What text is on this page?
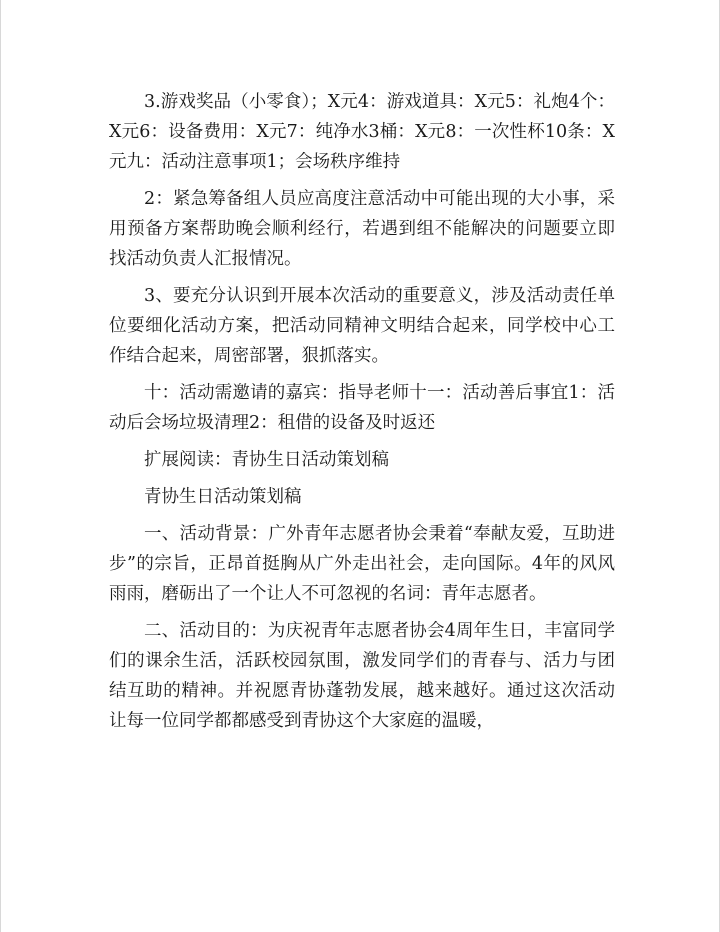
3.游戏奖品（小零食）；X元4：游戏道具：X元5：礼炮4个：X元6：设备费用：X元7：纯净水3桶：X元8：一次性杯10条：X元九：活动注意事项1；会场秩序维持

2：紧急筹备组人员应高度注意活动中可能出现的大小事，采用预备方案帮助晚会顺利经行，若遇到组不能解决的问题要立即找活动负责人汇报情况。

3、要充分认识到开展本次活动的重要意义，涉及活动责任单位要细化活动方案，把活动同精神文明结合起来，同学校中心工作结合起来，周密部署，狠抓落实。

十：活动需邀请的嘉宾：指导老师十一：活动善后事宜1：活动后会场垃圾清理2：租借的设备及时返还

扩展阅读：青协生日活动策划稿

青协生日活动策划稿

一、活动背景：广外青年志愿者协会秉着“奉献友爱，互助进步”的宗旨，正昂首挺胸从广外走出社会，走向国际。4年的风风雨雨，磨砺出了一个让人不可忽视的名词：青年志愿者。

二、活动目的：为庆祝青年志愿者协会4周年生日，丰富同学们的课余生活，活跃校园氛围，激发同学们的青春与、活力与团结互助的精神。并祝愿青协蓬勃发展，越来越好。通过这次活动让每一位同学都都感受到青协这个大家庭的温暖，
